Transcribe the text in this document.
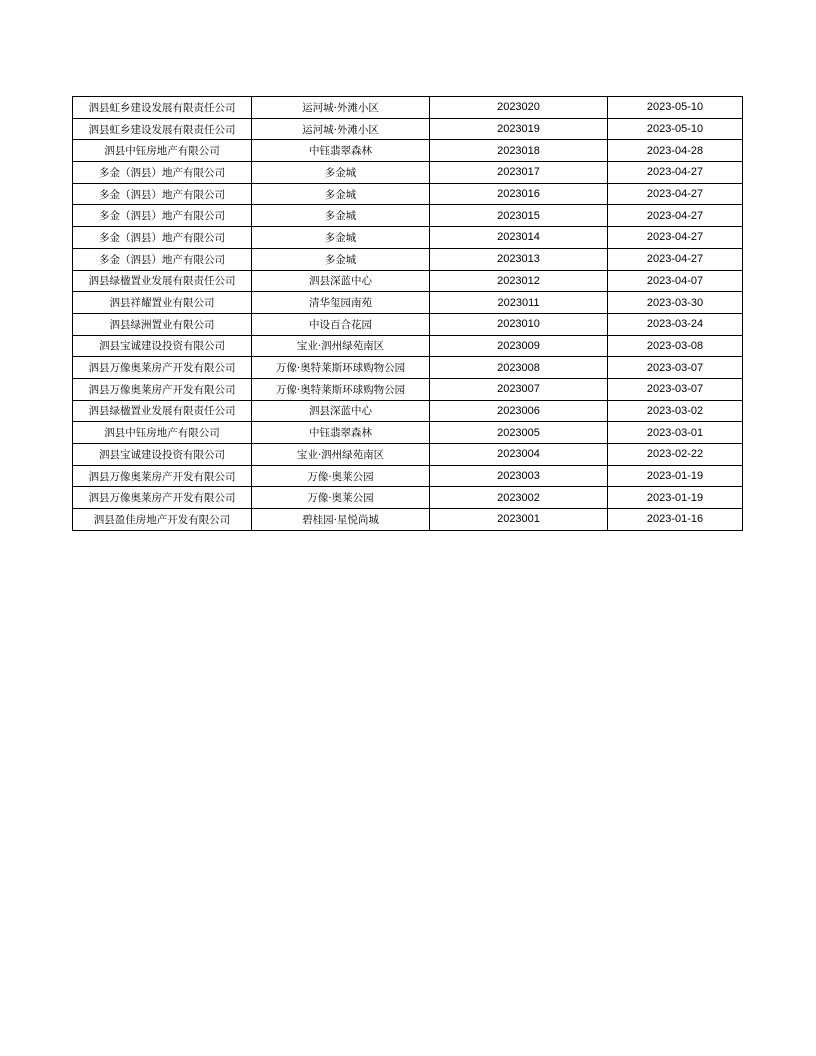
泗县虹乡建设发展有限责任公司	运河城·外滩小区	2023020	2023-05-10
泗县虹乡建设发展有限责任公司	运河城·外滩小区	2023019	2023-05-10
泗县中钰房地产有限公司	中钰翡翠森林	2023018	2023-04-28
多金（泗县）地产有限公司	多金城	2023017	2023-04-27
多金（泗县）地产有限公司	多金城	2023016	2023-04-27
多金（泗县）地产有限公司	多金城	2023015	2023-04-27
多金（泗县）地产有限公司	多金城	2023014	2023-04-27
多金（泗县）地产有限公司	多金城	2023013	2023-04-27
泗县绿楹置业发展有限责任公司	泗县深蓝中心	2023012	2023-04-07
泗县祥耀置业有限公司	清华玺园南苑	2023011	2023-03-30
泗县绿洲置业有限公司	中设百合花园	2023010	2023-03-24
泗县宝诚建设投资有限公司	宝业·泗州绿苑南区	2023009	2023-03-08
泗县万像奥莱房产开发有限公司	万像·奥特莱斯环球购物公园	2023008	2023-03-07
泗县万像奥莱房产开发有限公司	万像·奥特莱斯环球购物公园	2023007	2023-03-07
泗县绿楹置业发展有限责任公司	泗县深蓝中心	2023006	2023-03-02
泗县中钰房地产有限公司	中钰翡翠森林	2023005	2023-03-01
泗县宝诚建设投资有限公司	宝业·泗州绿苑南区	2023004	2023-02-22
泗县万像奥莱房产开发有限公司	万像·奥莱公园	2023003	2023-01-19
泗县万像奥莱房产开发有限公司	万像·奥莱公园	2023002	2023-01-19
泗县盈佳房地产开发有限公司	碧桂园·星悦尚城	2023001	2023-01-16
